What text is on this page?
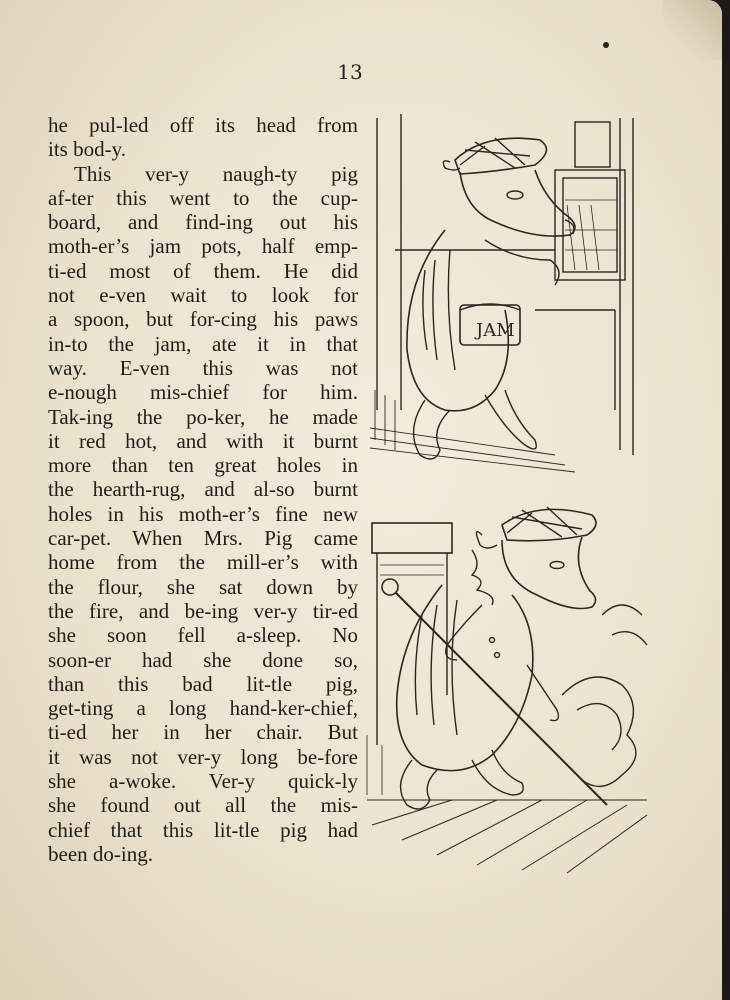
13
he pul-led off its head from
its bod-y.
This ver-y naugh-ty pig
af-ter this went to the cup-
board, and find-ing out his
moth-er’s jam pots, half emp-
ti-ed most of them. He did
not e-ven wait to look for
a spoon, but for-cing his paws
in-to the jam, ate it in that
way. E-ven this was not
e-nough mis-chief for him.
Tak-ing the po-ker, he made
it red hot, and with it burnt
more than ten great holes in
the hearth-rug, and al-so burnt
holes in his moth-er’s fine new
car-pet. When Mrs. Pig came
home from the mill-er’s with
the flour, she sat down by
the fire, and be-ing ver-y tir-ed
she soon fell a-sleep. No
soon-er had she done so,
than this bad lit-tle pig,
get-ting a long hand-ker-chief,
ti-ed her in her chair. But
it was not ver-y long be-fore
she a-woke. Ver-y quick-ly
she found out all the mis-
chief that this lit-tle pig had
been do-ing.
JAM
